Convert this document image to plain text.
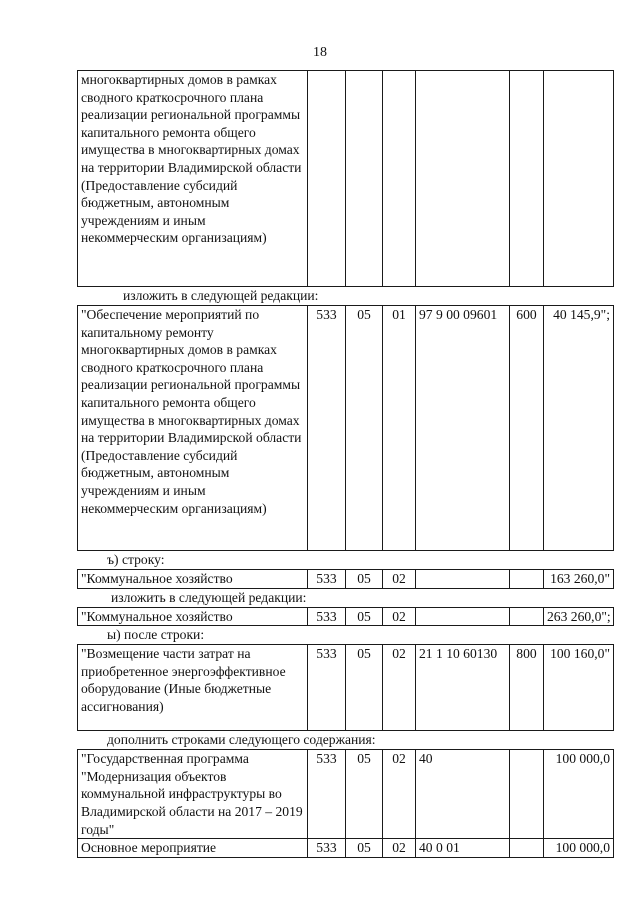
18
многоквартирных домов в рамках сводного краткосрочного плана реализации региональной программы капитального ремонта общего имущества в многоквартирных домах на территории Владимирской области (Предоставление субсидий бюджетным, автономным учреждениям и иным некоммерческим организациям)						
изложить в следующей редакции:
"Обеспечение мероприятий по капитальному ремонту многоквартирных домов в рамках сводного краткосрочного плана реализации региональной программы капитального ремонта общего имущества в многоквартирных домах на территории Владимирской области (Предоставление субсидий бюджетным, автономным учреждениям и иным некоммерческим организациям)	533	05	01	97 9 00 09601	600	40 145,9";
ъ) строку:
"Коммунальное хозяйство	533	05	02			163 260,0"
изложить в следующей редакции:
"Коммунальное хозяйство	533	05	02			263 260,0";
ы) после строки:
"Возмещение части затрат на приобретенное энергоэффективное оборудование (Иные бюджетные ассигнования)	533	05	02	21 1 10 60130	800	100 160,0"
дополнить строками следующего содержания:
"Государственная программа "Модернизация объектов коммунальной инфраструктуры во Владимирской области на 2017 – 2019 годы"	533	05	02	40		100 000,0
Основное мероприятие	533	05	02	40 0 01		100 000,0
